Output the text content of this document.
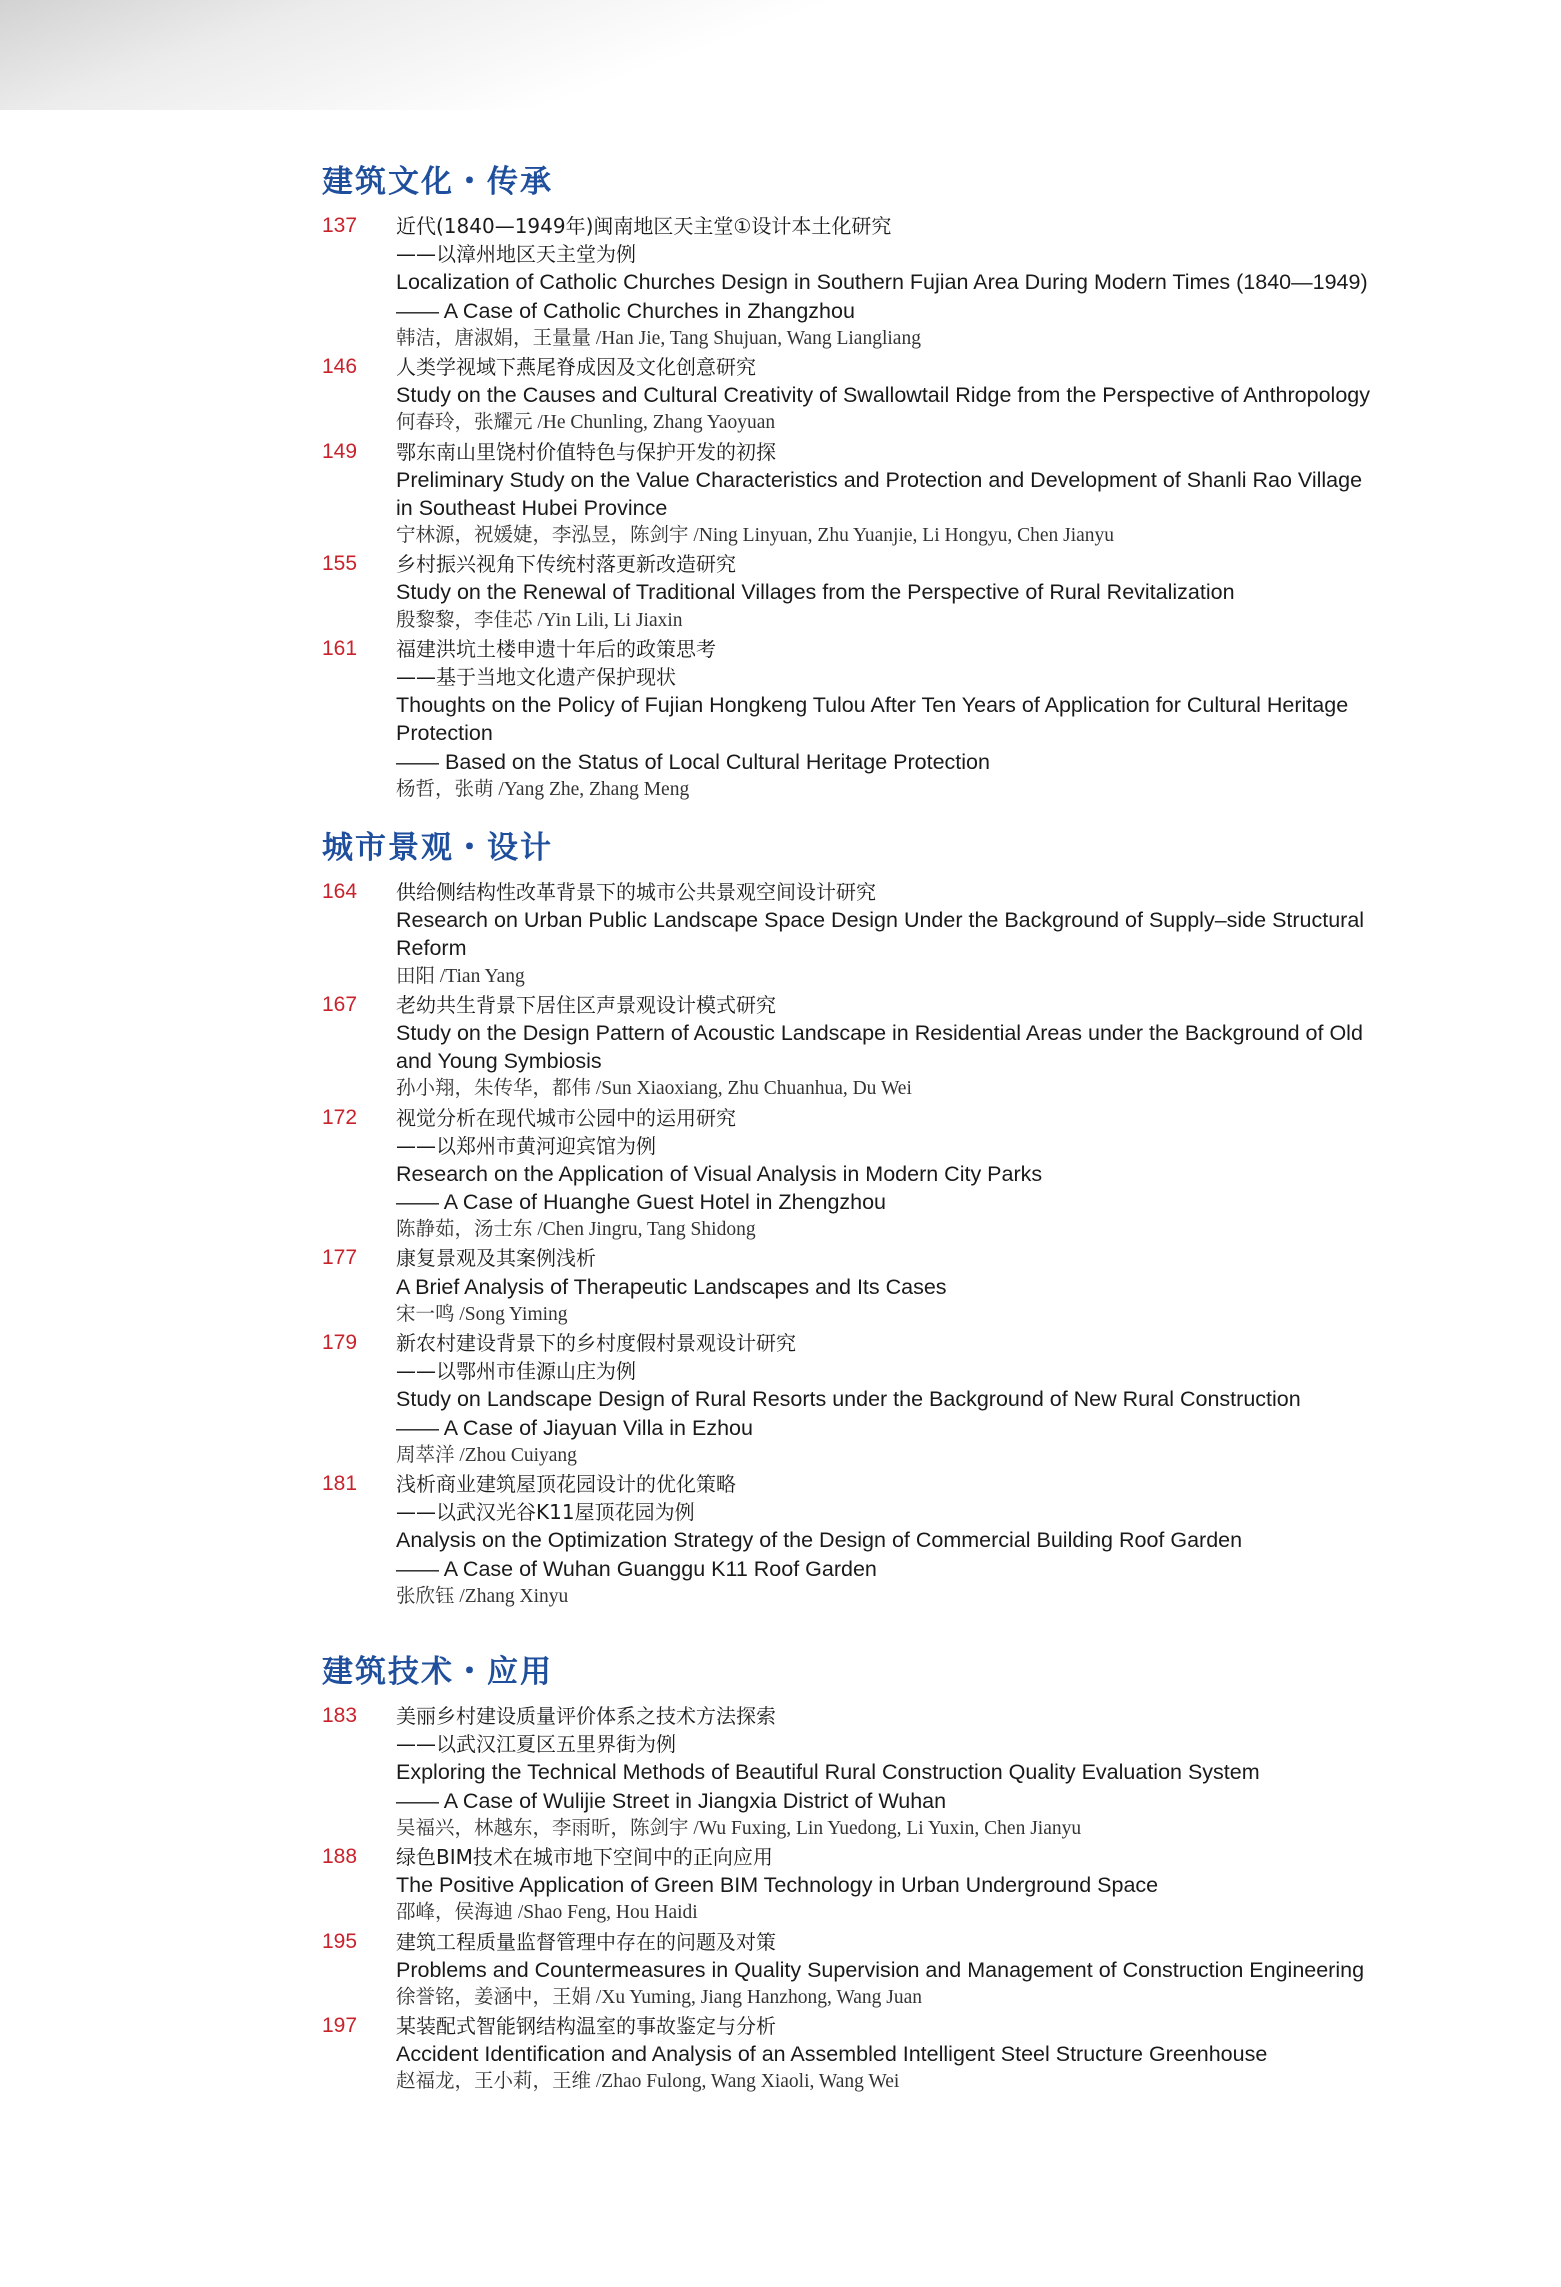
建筑文化・传承
137	近代(1840—1949年)闽南地区天主堂①设计本土化研究
——以漳州地区天主堂为例
Localization of Catholic Churches Design in Southern Fujian Area During Modern Times (1840—1949)
—— A Case of Catholic Churches in Zhangzhou
韩洁，唐淑娟，王量量 /Han Jie, Tang Shujuan, Wang Liangliang
146	人类学视域下燕尾脊成因及文化创意研究
Study on the Causes and Cultural Creativity of Swallowtail Ridge from the Perspective of Anthropology
何春玲，张耀元 /He Chunling, Zhang Yaoyuan
149	鄂东南山里饶村价值特色与保护开发的初探
Preliminary Study on the Value Characteristics and Protection and Development of Shanli Rao Village
in Southeast Hubei Province
宁林源，祝媛婕，李泓昱，陈剑宇 /Ning Linyuan, Zhu Yuanjie, Li Hongyu, Chen Jianyu
155	乡村振兴视角下传统村落更新改造研究
Study on the Renewal of Traditional Villages from the Perspective of Rural Revitalization
殷黎黎，李佳芯 /Yin Lili, Li Jiaxin
161	福建洪坑土楼申遗十年后的政策思考
——基于当地文化遗产保护现状
Thoughts on the Policy of Fujian Hongkeng Tulou After Ten Years of Application for Cultural Heritage
Protection
—— Based on the Status of Local Cultural Heritage Protection
杨哲，张萌 /Yang Zhe, Zhang Meng
城市景观・设计
164	供给侧结构性改革背景下的城市公共景观空间设计研究
Research on Urban Public Landscape Space Design Under the Background of Supply–side Structural
Reform
田阳 /Tian Yang
167	老幼共生背景下居住区声景观设计模式研究
Study on the Design Pattern of Acoustic Landscape in Residential Areas under the Background of Old
and Young Symbiosis
孙小翔，朱传华，都伟 /Sun Xiaoxiang, Zhu Chuanhua, Du Wei
172	视觉分析在现代城市公园中的运用研究
——以郑州市黄河迎宾馆为例
Research on the Application of Visual Analysis in Modern City Parks
—— A Case of Huanghe Guest Hotel in Zhengzhou
陈静茹，汤士东 /Chen Jingru, Tang Shidong
177	康复景观及其案例浅析
A Brief Analysis of Therapeutic Landscapes and Its Cases
宋一鸣 /Song Yiming
179	新农村建设背景下的乡村度假村景观设计研究
——以鄂州市佳源山庄为例
Study on Landscape Design of Rural Resorts under the Background of New Rural Construction
—— A Case of Jiayuan Villa in Ezhou
周萃洋 /Zhou Cuiyang
181	浅析商业建筑屋顶花园设计的优化策略
——以武汉光谷K11屋顶花园为例
Analysis on the Optimization Strategy of the Design of Commercial Building Roof Garden
—— A Case of Wuhan Guanggu K11 Roof Garden
张欣钰 /Zhang Xinyu
建筑技术・应用
183	美丽乡村建设质量评价体系之技术方法探索
——以武汉江夏区五里界街为例
Exploring the Technical Methods of Beautiful Rural Construction Quality Evaluation System
—— A Case of Wulijie Street in Jiangxia District of Wuhan
吴福兴，林越东，李雨昕，陈剑宇 /Wu Fuxing, Lin Yuedong, Li Yuxin, Chen Jianyu
188	绿色BIM技术在城市地下空间中的正向应用
The Positive Application of Green BIM Technology in Urban Underground Space
邵峰，侯海迪 /Shao Feng, Hou Haidi
195	建筑工程质量监督管理中存在的问题及对策
Problems and Countermeasures in Quality Supervision and Management of Construction Engineering
徐誉铭，姜涵中，王娟 /Xu Yuming, Jiang Hanzhong, Wang Juan
197	某装配式智能钢结构温室的事故鉴定与分析
Accident Identification and Analysis of an Assembled Intelligent Steel Structure Greenhouse
赵福龙，王小莉，王维 /Zhao Fulong, Wang Xiaoli, Wang Wei
